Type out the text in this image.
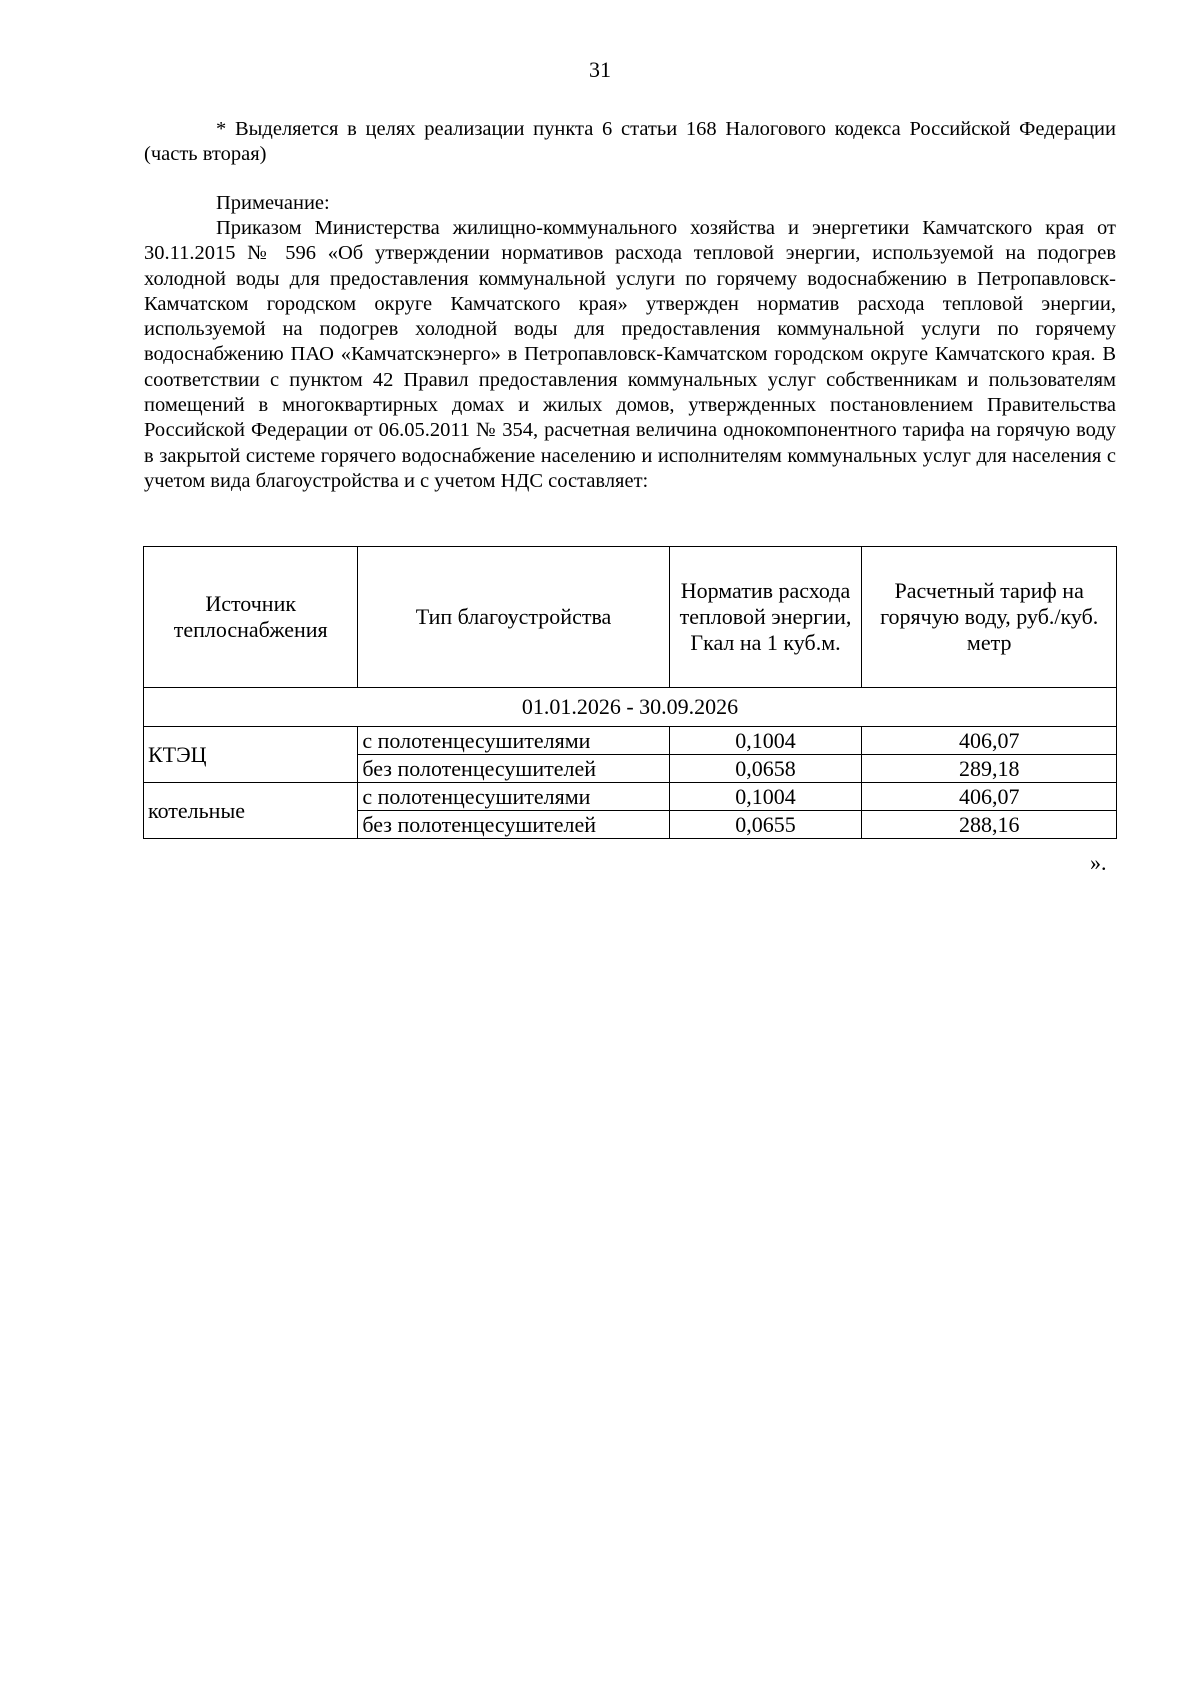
31

* Выделяется в целях реализации пункта 6 статьи 168 Налогового кодекса Российской Федерации (часть вторая)

Примечание:

Приказом Министерства жилищно-коммунального хозяйства и энергетики Камчатского края от 30.11.2015 № 596 «Об утверждении нормативов расхода тепловой энергии, используемой на подогрев холодной воды для предоставления коммунальной услуги по горячему водоснабжению в Петропавловск-Камчатском городском округе Камчатского края» утвержден норматив расхода тепловой энергии, используемой на подогрев холодной воды для предоставления коммунальной услуги по горячему водоснабжению ПАО «Камчатскэнерго» в Петропавловск-Камчатском городском округе Камчатского края. В соответствии с пунктом 42 Правил предоставления коммунальных услуг собственникам и пользователям помещений в многоквартирных домах и жилых домов, утвержденных постановлением Правительства Российской Федерации от 06.05.2011 № 354, расчетная величина однокомпонентного тарифа на горячую воду в закрытой системе горячего водоснабжение населению и исполнителям коммунальных услуг для населения с учетом вида благоустройства и с учетом НДС составляет:

Источник теплоснабжения	Тип благоустройства	Норматив расхода тепловой энергии, Гкал на 1 куб.м.	Расчетный тариф на горячую воду, руб./куб. метр
01.01.2026 - 30.09.2026			
КТЭЦ	с полотенцесушителями	0,1004	406,07
	без полотенцесушителей	0,0658	289,18
котельные	с полотенцесушителями	0,1004	406,07
	без полотенцесушителей	0,0655	288,16
».
